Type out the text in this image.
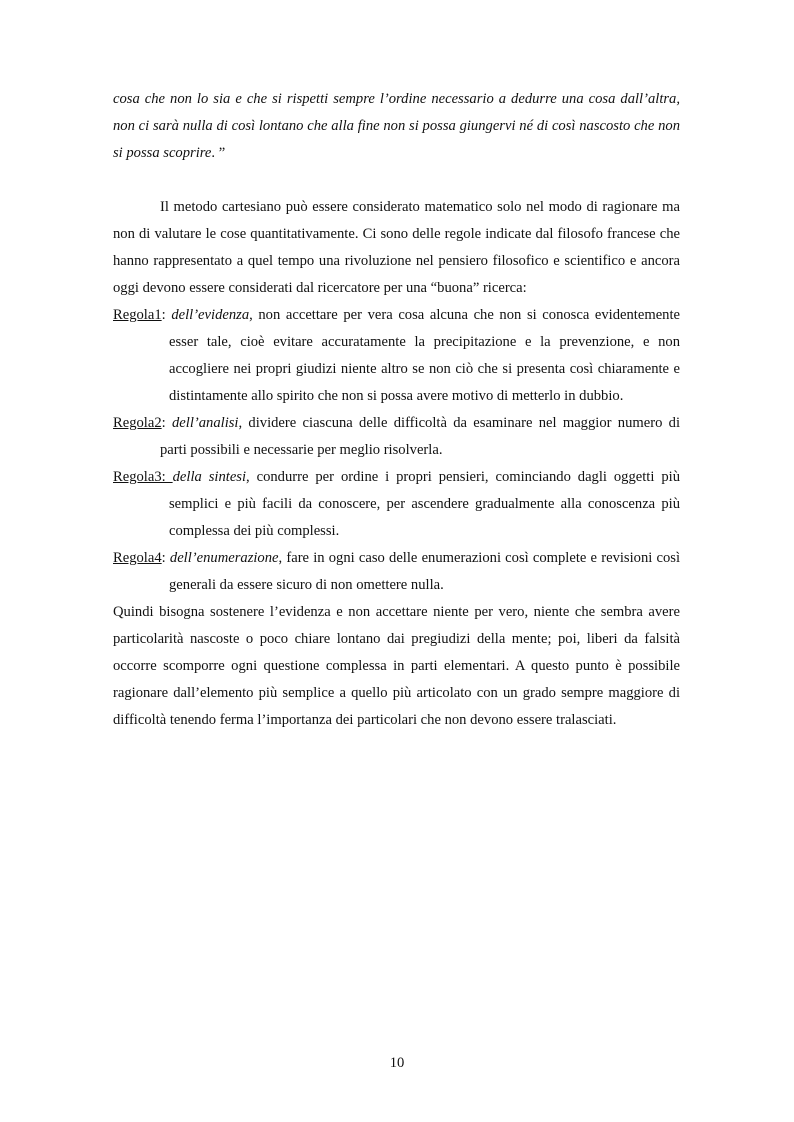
cosa che non lo sia e che si rispetti sempre l’ordine necessario a dedurre una cosa dall’altra, non ci sarà nulla di così lontano che alla fine non si possa giungervi né di così nascosto che non si possa scoprire. ”

Il metodo cartesiano può essere considerato matematico solo nel modo di ragionare ma non di valutare le cose quantitativamente. Ci sono delle regole indicate dal filosofo francese che hanno rappresentato a quel tempo una rivoluzione nel pensiero filosofico e scientifico e ancora oggi devono essere considerati dal ricercatore per una “buona” ricerca:

Regola1: dell’evidenza, non accettare per vera cosa alcuna che non si conosca evidentemente esser tale, cioè evitare accuratamente la precipitazione e la prevenzione, e non accogliere nei propri giudizi niente altro se non ciò che si presenta così chiaramente e distintamente allo spirito che non si possa avere motivo di metterlo in dubbio.

Regola2: dell’analisi, dividere ciascuna delle difficoltà da esaminare nel maggior numero di parti possibili e necessarie per meglio risolverla.

Regola3: della sintesi, condurre per ordine i propri pensieri, cominciando dagli oggetti più semplici e più facili da conoscere, per ascendere gradualmente alla conoscenza più complessa dei più complessi.

Regola4: dell’enumerazione, fare in ogni caso delle enumerazioni così complete e revisioni così generali da essere sicuro di non omettere nulla.

Quindi bisogna sostenere l’evidenza e non accettare niente per vero, niente che sembra avere particolarità nascoste o poco chiare lontano dai pregiudizi della mente; poi, liberi da falsità occorre scomporre ogni questione complessa in parti elementari. A questo punto è possibile ragionare dall’elemento più semplice a quello più articolato con un grado sempre maggiore di difficoltà tenendo ferma l’importanza dei particolari che non devono essere tralasciati.

10
